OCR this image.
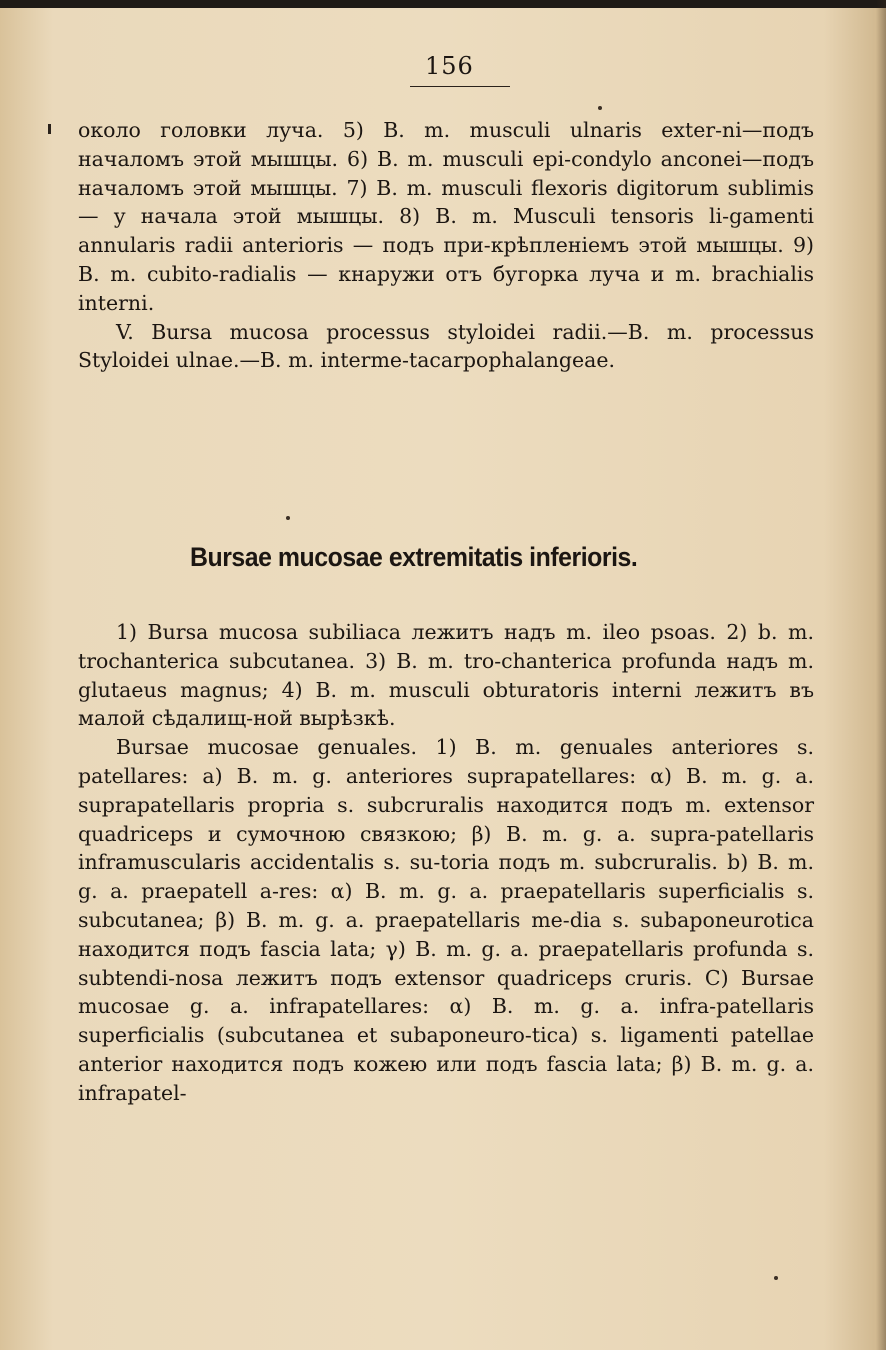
156

около головки луча. 5) B. m. musculi ulnaris exter-ni—подъ началомъ этой мышцы. 6) B. m. musculi epi-condylo anconei—подъ началомъ этой мышцы. 7) B. m. musculi flexoris digitorum sublimis — у начала этой мышцы. 8) B. m. Musculi tensoris li-gamenti annularis radii anterioris — подъ при-крѣпленіемъ этой мышцы. 9) B. m. cubito-radialis — кнаружи отъ бугорка луча и m. brachialis interni.

V. Bursa mucosa processus styloidei radii.—B. m. processus Styloidei ulnae.—B. m. interme-tacarpophalangeae.

Bursae mucosae extremitatis inferioris.

1) Bursa mucosa subiliaca лежитъ надъ m. ileo psoas. 2) b. m. trochanterica subcutanea. 3) B. m. tro-chanterica profunda надъ m. glutaeus magnus; 4) B. m. musculi obturatoris interni лежитъ въ малой сѣдалищ-ной вырѣзкѣ.

Bursae mucosae genuales. 1) B. m. genuales anteriores s. patellares: a) B. m. g. anteriores suprapatellares: α) B. m. g. a. suprapatellaris propria s. subcruralis находится подъ m. extensor quadriceps и сумочною связкою; β) B. m. g. a. supra-patellaris inframuscularis accidentalis s. su-toria подъ m. subcruralis. b) B. m. g. a. praepatell a-res: α) B. m. g. a. praepatellaris superficialis s. subcutanea; β) B. m. g. a. praepatellaris me-dia s. subaponeurotica находится подъ fascia lata; γ) B. m. g. a. praepatellaris profunda s. subtendi-nosa лежитъ подъ extensor quadriceps cruris. C) Bursae mucosae g. a. infrapatellares: α) B. m. g. a. infra-patellaris superficialis (subcutanea et subaponeuro-tica) s. ligamenti patellae anterior находится подъ кожею или подъ fascia lata; β) B. m. g. a. infrapatel-
